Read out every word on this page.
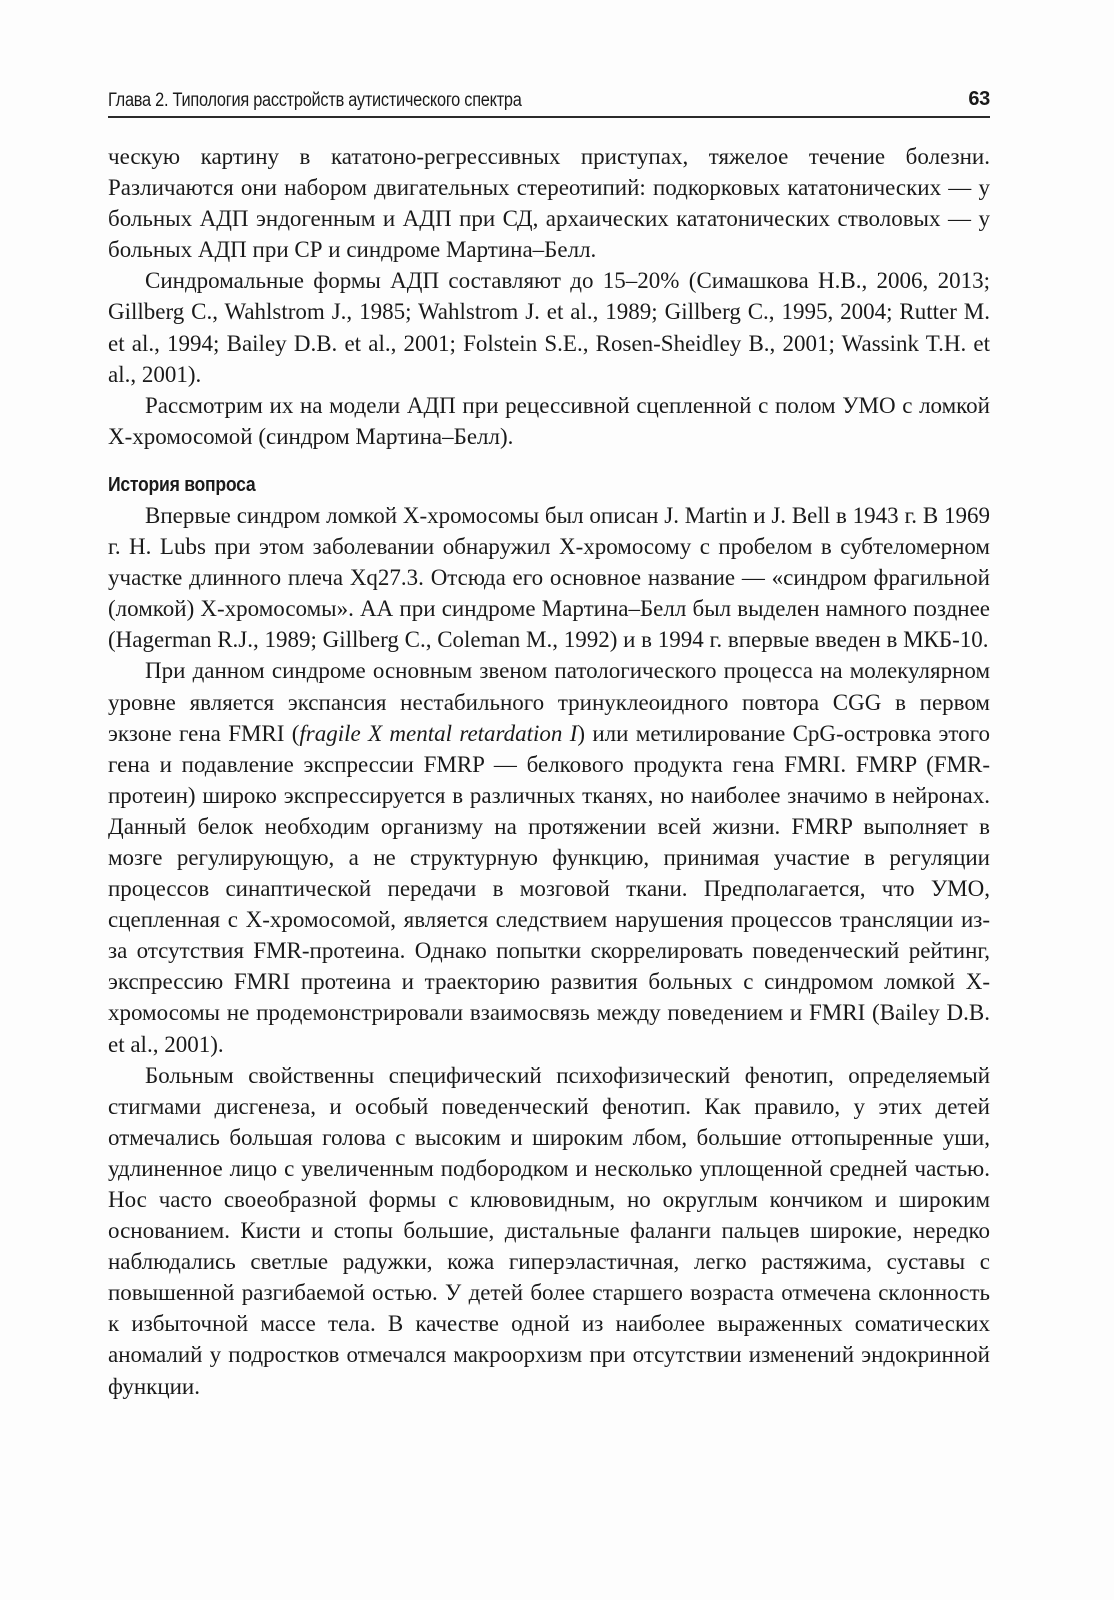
Глава 2. Типология расстройств аутистического спектра	63

ческую картину в кататоно-регрессивных приступах, тяжелое течение болезни. Различаются они набором двигательных стереотипий: подкорковых кататонических — у больных АДП эндогенным и АДП при СД, архаических кататонических стволовых — у больных АДП при СР и синдроме Мартина–Белл.

Синдромальные формы АДП составляют до 15–20% (Симашкова Н.В., 2006, 2013; Gillberg C., Wahlstrom J., 1985; Wahlstrom J. et al., 1989; Gillberg C., 1995, 2004; Rutter M. et al., 1994; Bailey D.B. et al., 2001; Folstein S.E., Rosen-Sheidley B., 2001; Wassink T.H. et al., 2001).

Рассмотрим их на модели АДП при рецессивной сцепленной с полом УМО с ломкой Х-хромосомой (синдром Мартина–Белл).

История вопроса

Впервые синдром ломкой Х-хромосомы был описан J. Martin и J. Bell в 1943 г. В 1969 г. H. Lubs при этом заболевании обнаружил Х-хромосому с пробелом в субтеломерном участке длинного плеча Xq27.3. Отсюда его основное название — «синдром фрагильной (ломкой) Х-хромосомы». АА при синдроме Мартина–Белл был выделен намного позднее (Hagerman R.J., 1989; Gillberg C., Coleman M., 1992) и в 1994 г. впервые введен в МКБ-10.

При данном синдроме основным звеном патологического процесса на молекулярном уровне является экспансия нестабильного тринуклеоидного повтора CGG в первом экзоне гена FMRI (fragile X mental retardation I) или метилирование CpG-островка этого гена и подавление экспрессии FMRP — белкового продукта гена FMRI. FMRP (FMR-протеин) широко экспрессируется в различных тканях, но наиболее значимо в нейронах. Данный белок необходим организму на протяжении всей жизни. FMRP выполняет в мозге регулирующую, а не структурную функцию, принимая участие в регуляции процессов синаптической передачи в мозговой ткани. Предполагается, что УМО, сцепленная с Х-хромосомой, является следствием нарушения процессов трансляции из-за отсутствия FMR-протеина. Однако попытки скоррелировать поведенческий рейтинг, экспрессию FMRI протеина и траекторию развития больных с синдромом ломкой Х-хромосомы не продемонстрировали взаимосвязь между поведением и FMRI (Bailey D.B. et al., 2001).

Больным свойственны специфический психофизический фенотип, определяемый стигмами дисгенеза, и особый поведенческий фенотип. Как правило, у этих детей отмечались большая голова с высоким и широким лбом, большие оттопыренные уши, удлиненное лицо с увеличенным подбородком и несколько уплощенной средней частью. Нос часто своеобразной формы с клювовидным, но округлым кончиком и широким основанием. Кисти и стопы большие, дистальные фаланги пальцев широкие, нередко наблюдались светлые радужки, кожа гиперэластичная, легко растяжима, суставы с повышенной разгибаемой остью. У детей более старшего возраста отмечена склонность к избыточной массе тела. В качестве одной из наиболее выраженных соматических аномалий у подростков отмечался макроорхизм при отсутствии изменений эндокринной функции.
